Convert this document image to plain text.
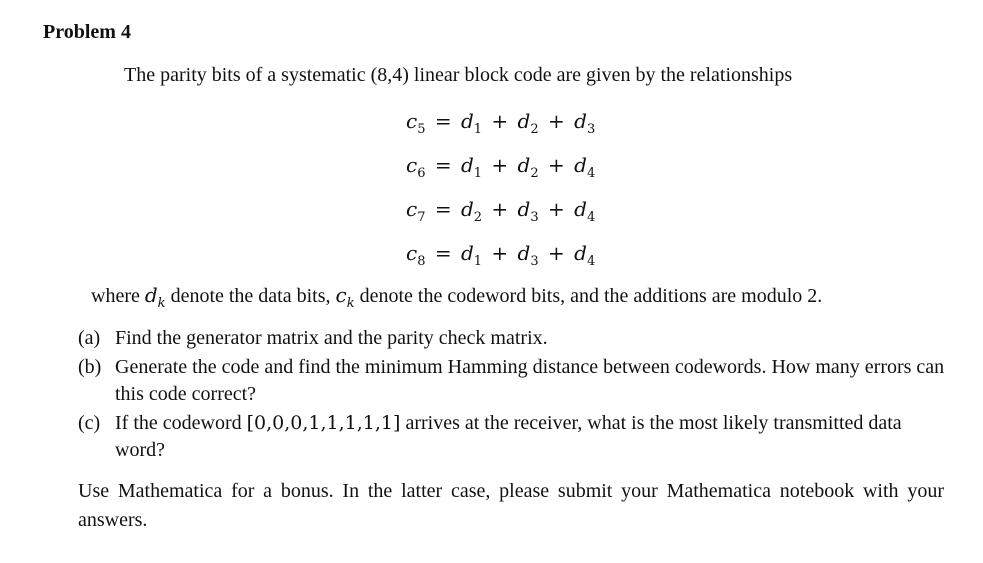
Problem 4
The parity bits of a systematic (8,4) linear block code are given by the relationships
$c_5 = d_1 + d_2 + d_3$
$c_6 = d_1 + d_2 + d_4$
$c_7 = d_2 + d_3 + d_4$
$c_8 = d_1 + d_3 + d_4$
where $d_k$ denote the data bits, $c_k$ denote the codeword bits, and the additions are modulo 2.
(a) Find the generator matrix and the parity check matrix.
(b) Generate the code and find the minimum Hamming distance between codewords. How many errors can this code correct?
(c) If the codeword [0,0,0,1,1,1,1,1] arrives at the receiver, what is the most likely transmitted data word?
Use Mathematica for a bonus. In the latter case, please submit your Mathematica notebook with your answers.
